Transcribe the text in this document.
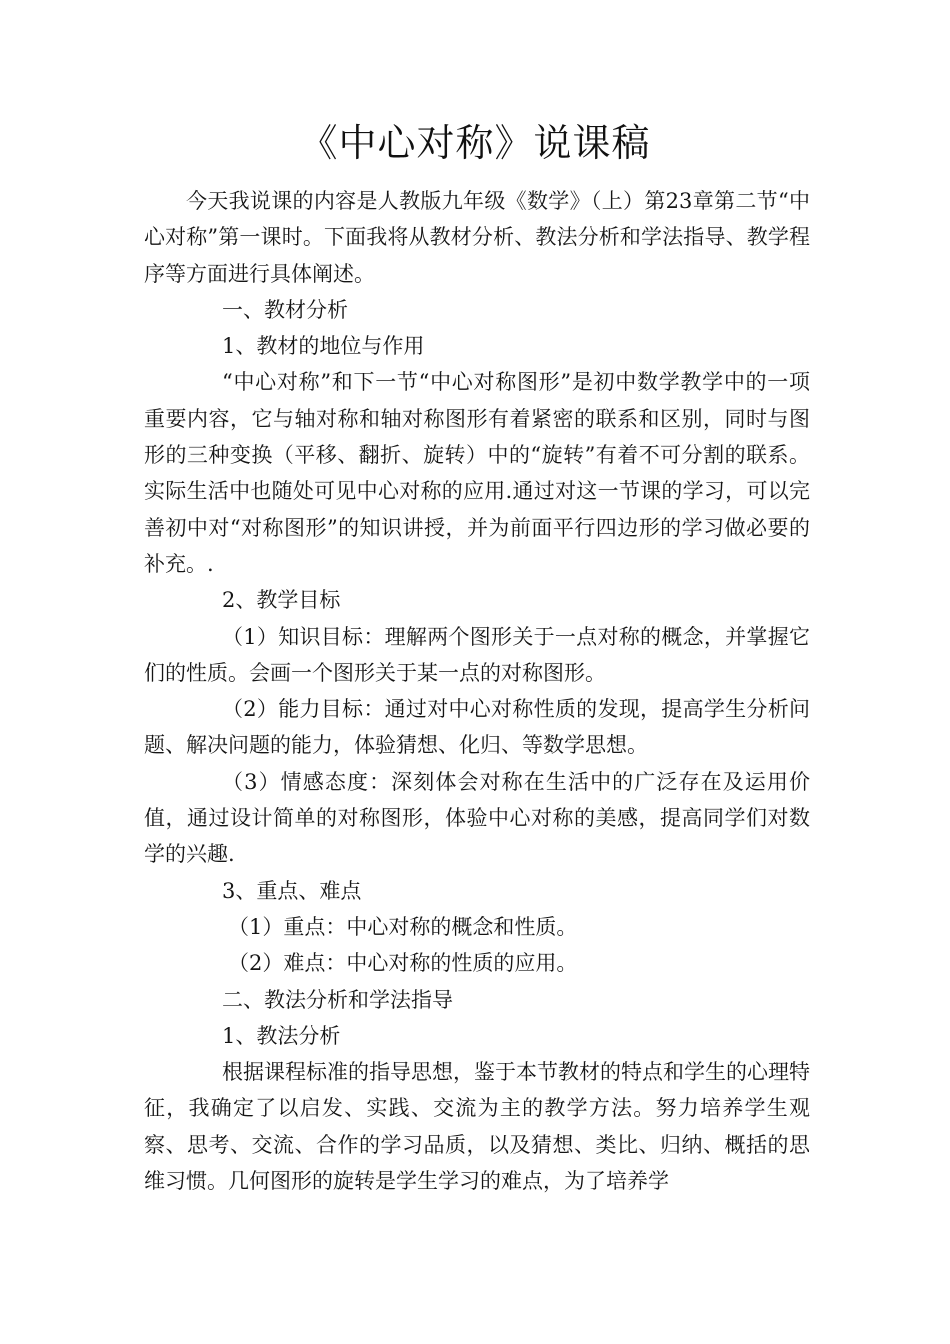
《中心对称》说课稿

今天我说课的内容是人教版九年级《数学》（上）第23章第二节“中心对称”第一课时。下面我将从教材分析、教法分析和学法指导、教学程序等方面进行具体阐述。

一、教材分析

1、教材的地位与作用

“中心对称”和下一节“中心对称图形”是初中数学教学中的一项重要内容，它与轴对称和轴对称图形有着紧密的联系和区别，同时与图形的三种变换（平移、翻折、旋转）中的“旋转”有着不可分割的联系。实际生活中也随处可见中心对称的应用.通过对这一节课的学习，可以完善初中对“对称图形”的知识讲授，并为前面平行四边形的学习做必要的补充。.

2、教学目标

（1）知识目标：理解两个图形关于一点对称的概念，并掌握它们的性质。会画一个图形关于某一点的对称图形。

（2）能力目标：通过对中心对称性质的发现，提高学生分析问题、解决问题的能力，体验猜想、化归、等数学思想。

（3）情感态度：深刻体会对称在生活中的广泛存在及运用价值，通过设计简单的对称图形，体验中心对称的美感，提高同学们对数学的兴趣.

3、重点、难点

（1）重点：中心对称的概念和性质。

（2）难点：中心对称的性质的应用。

二、教法分析和学法指导

1、教法分析

根据课程标准的指导思想，鉴于本节教材的特点和学生的心理特征，我确定了以启发、实践、交流为主的教学方法。努力培养学生观察、思考、交流、合作的学习品质，以及猜想、类比、归纳、概括的思维习惯。几何图形的旋转是学生学习的难点，为了培养学
